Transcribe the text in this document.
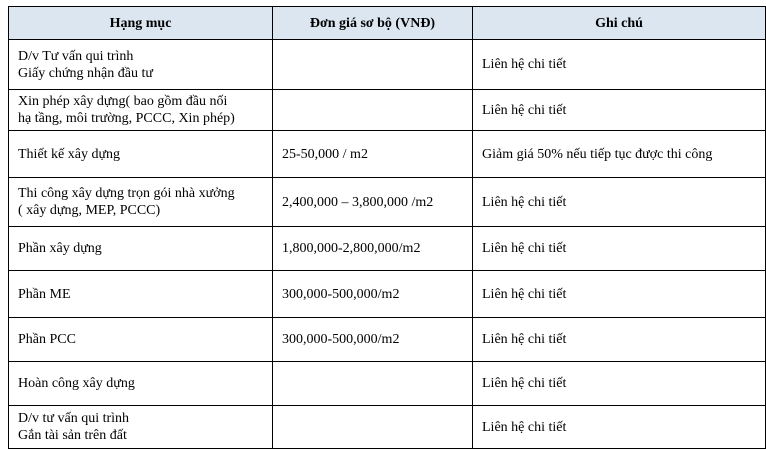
Hạng mục	Đơn giá sơ bộ (VNĐ)	Ghi chú

D/v Tư vấn qui trình
Giấy chứng nhận đầu tư		Liên hệ chi tiết

Xin phép xây dựng( bao gồm đầu nối
hạ tầng, môi trường, PCCC, Xin phép)		Liên hệ chi tiết

Thiết kế xây dựng	25-50,000 / m2	Giảm giá 50% nếu tiếp tục được thi công

Thi công xây dựng trọn gói nhà xưởng
( xây dựng, MEP, PCCC)	2,400,000 – 3,800,000 /m2	Liên hệ chi tiết

Phần xây dựng	1,800,000-2,800,000/m2	Liên hệ chi tiết

Phần ME	300,000-500,000/m2	Liên hệ chi tiết

Phần PCC	300,000-500,000/m2	Liên hệ chi tiết

Hoàn công xây dựng		Liên hệ chi tiết

D/v tư vấn qui trình
Gắn tài sản trên đất		Liên hệ chi tiết
